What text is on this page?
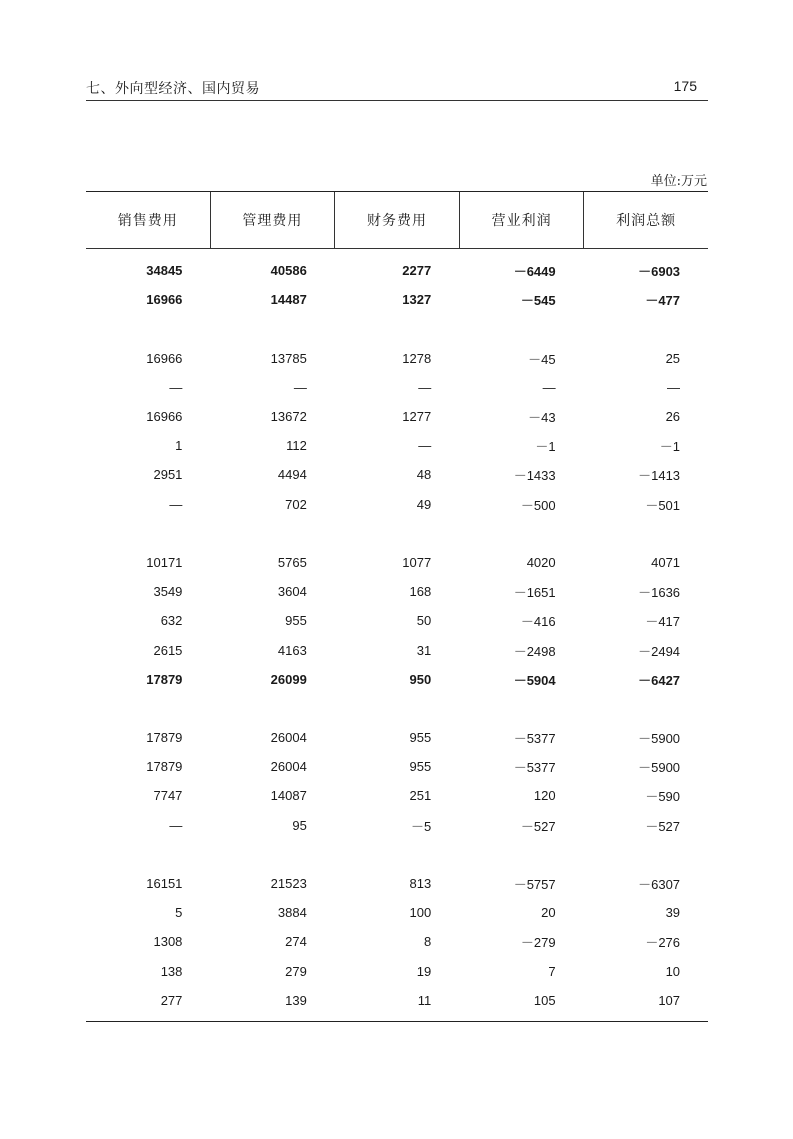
七、外向型经济、国内贸易	175
单位:万元
销售费用	管理费用	财务费用	营业利润	利润总额
34845	40586	2277	－6449	－6903
16966	14487	1327	－545	－477
16966	13785	1278	－45	25
—	—	—	—	—
16966	13672	1277	－43	26
1	112	—	－1	－1
2951	4494	48	－1433	－1413
—	702	49	－500	－501
10171	5765	1077	4020	4071
3549	3604	168	－1651	－1636
632	955	50	－416	－417
2615	4163	31	－2498	－2494
17879	26099	950	－5904	－6427
17879	26004	955	－5377	－5900
17879	26004	955	－5377	－5900
7747	14087	251	120	－590
—	95	－5	－527	－527
16151	21523	813	－5757	－6307
5	3884	100	20	39
1308	274	8	－279	－276
138	279	19	7	10
277	139	11	105	107
